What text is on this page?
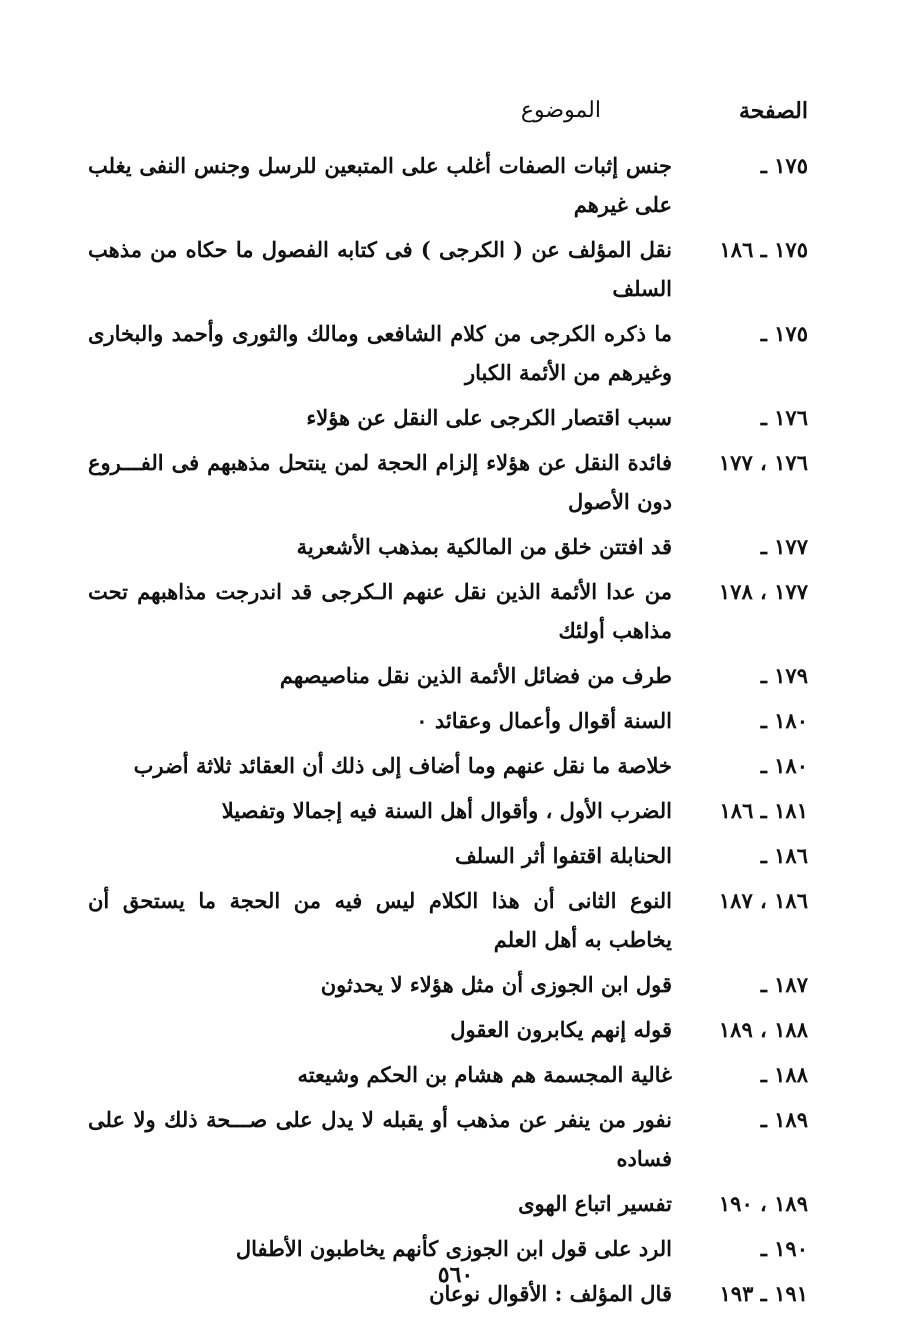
الصفحة
الموضوع
١٧٥ ـ
جنس إثبات الصفات أغلب على المتبعين للرسل وجنس النفى يغلب على غيرهم
١٧٥ ـ ١٨٦
نقل المؤلف عن ( الكرجى ) فى كتابه الفصول ما حكاه من مذهب السلف
١٧٥ ـ
ما ذكره الكرجى من كلام الشافعى ومالك والثورى وأحمد والبخارى وغيرهم من الأئمة الكبار
١٧٦ ـ
سبب اقتصار الكرجى على النقل عن هؤلاء
١٧٦ ، ١٧٧
فائدة النقل عن هؤلاء إلزام الحجة لمن ينتحل مذهبهم فى الفـــروع دون الأصول
١٧٧ ـ
قد افتتن خلق من المالكية بمذهب الأشعرية
١٧٧ ، ١٧٨
من عدا الأئمة الذين نقل عنهم الـكرجى قد اندرجت مذاهبهم تحت مذاهب أولئك
١٧٩ ـ
طرف من فضائل الأئمة الذين نقل مناصيصهم
١٨٠ ـ
السنة أقوال وأعمال وعقائد ٠
١٨٠ ـ
خلاصة ما نقل عنهم وما أضاف إلى ذلك أن العقائد ثلاثة أضرب
١٨١ ـ ١٨٦
الضرب الأول ، وأقوال أهل السنة فيه إجمالا وتفصيلا
١٨٦ ـ
الحنابلة اقتفوا أثر السلف
١٨٦ ، ١٨٧
النوع الثانى أن هذا الكلام ليس فيه من الحجة ما يستحق أن يخاطب به أهل العلم
١٨٧ ـ
قول ابن الجوزى أن مثل هؤلاء لا يحدثون
١٨٨ ، ١٨٩
قوله إنهم يكابرون العقول
١٨٨ ـ
غالية المجسمة هم هشام بن الحكم وشيعته
١٨٩ ـ
نفور من ينفر عن مذهب أو يقبله لا يدل على صـــحة ذلك ولا على فساده
١٨٩ ، ١٩٠
تفسير اتباع الهوى
١٩٠ ـ
الرد على قول ابن الجوزى كأنهم يخاطبون الأطفال
١٩١ ـ ١٩٣
قال المؤلف : الأقوال نوعان
٥٦٠
